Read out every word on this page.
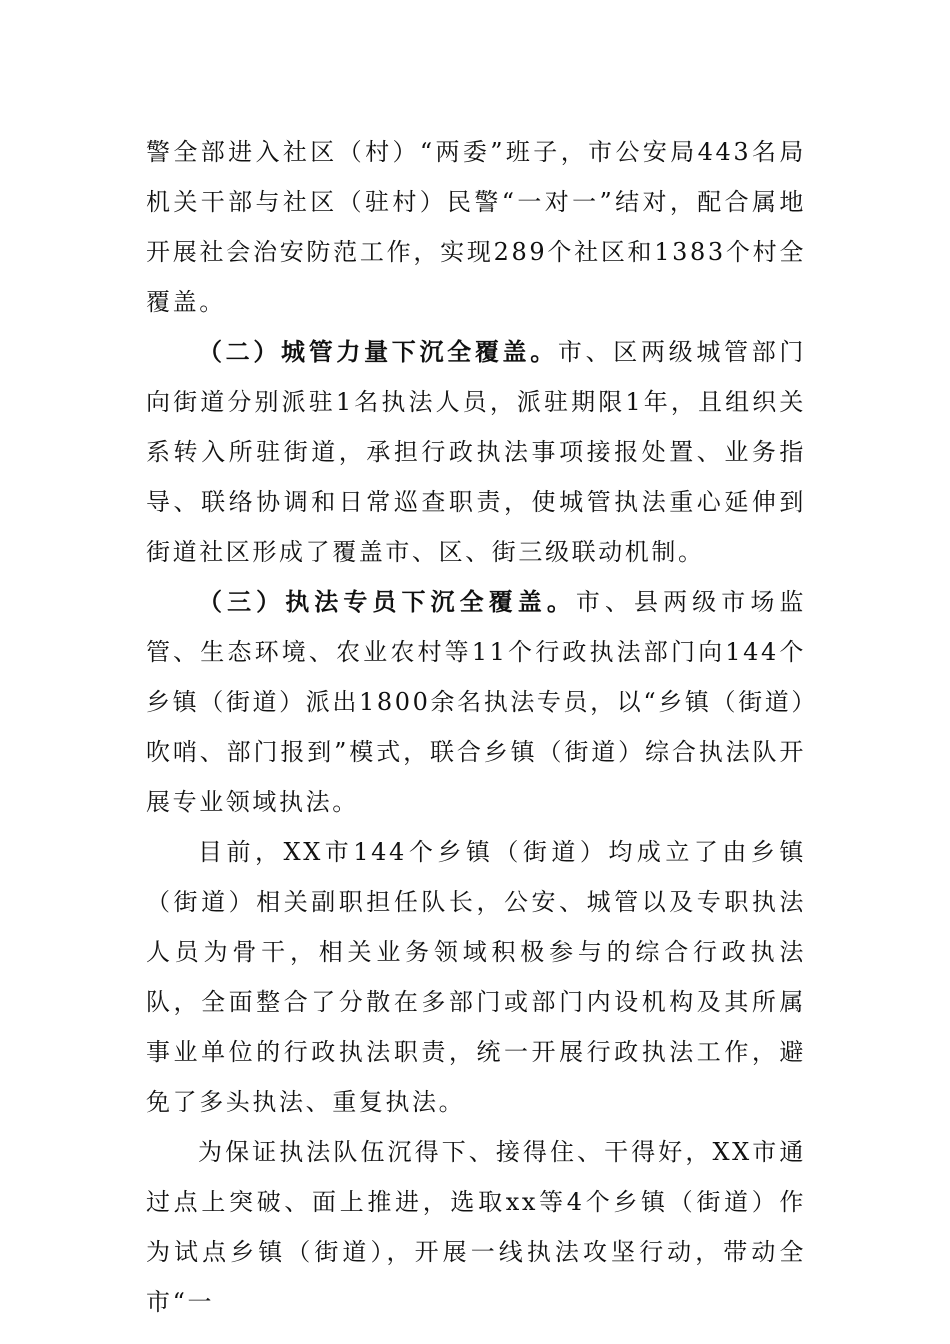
警全部进入社区（村）“两委”班子，市公安局443名局机关干部与社区（驻村）民警“一对一”结对，配合属地开展社会治安防范工作，实现289个社区和1383个村全覆盖。

（二）城管力量下沉全覆盖。市、区两级城管部门向街道分别派驻1名执法人员，派驻期限1年，且组织关系转入所驻街道，承担行政执法事项接报处置、业务指导、联络协调和日常巡查职责，使城管执法重心延伸到街道社区形成了覆盖市、区、街三级联动机制。

（三）执法专员下沉全覆盖。市、县两级市场监管、生态环境、农业农村等11个行政执法部门向144个乡镇（街道）派出1800余名执法专员，以“乡镇（街道）吹哨、部门报到”模式，联合乡镇（街道）综合执法队开展专业领域执法。

目前，XX市144个乡镇（街道）均成立了由乡镇（街道）相关副职担任队长，公安、城管以及专职执法人员为骨干，相关业务领域积极参与的综合行政执法队，全面整合了分散在多部门或部门内设机构及其所属事业单位的行政执法职责，统一开展行政执法工作，避免了多头执法、重复执法。

为保证执法队伍沉得下、接得住、干得好，XX市通过点上突破、面上推进，选取xx等4个乡镇（街道）作为试点乡镇（街道），开展一线执法攻坚行动，带动全市“一
